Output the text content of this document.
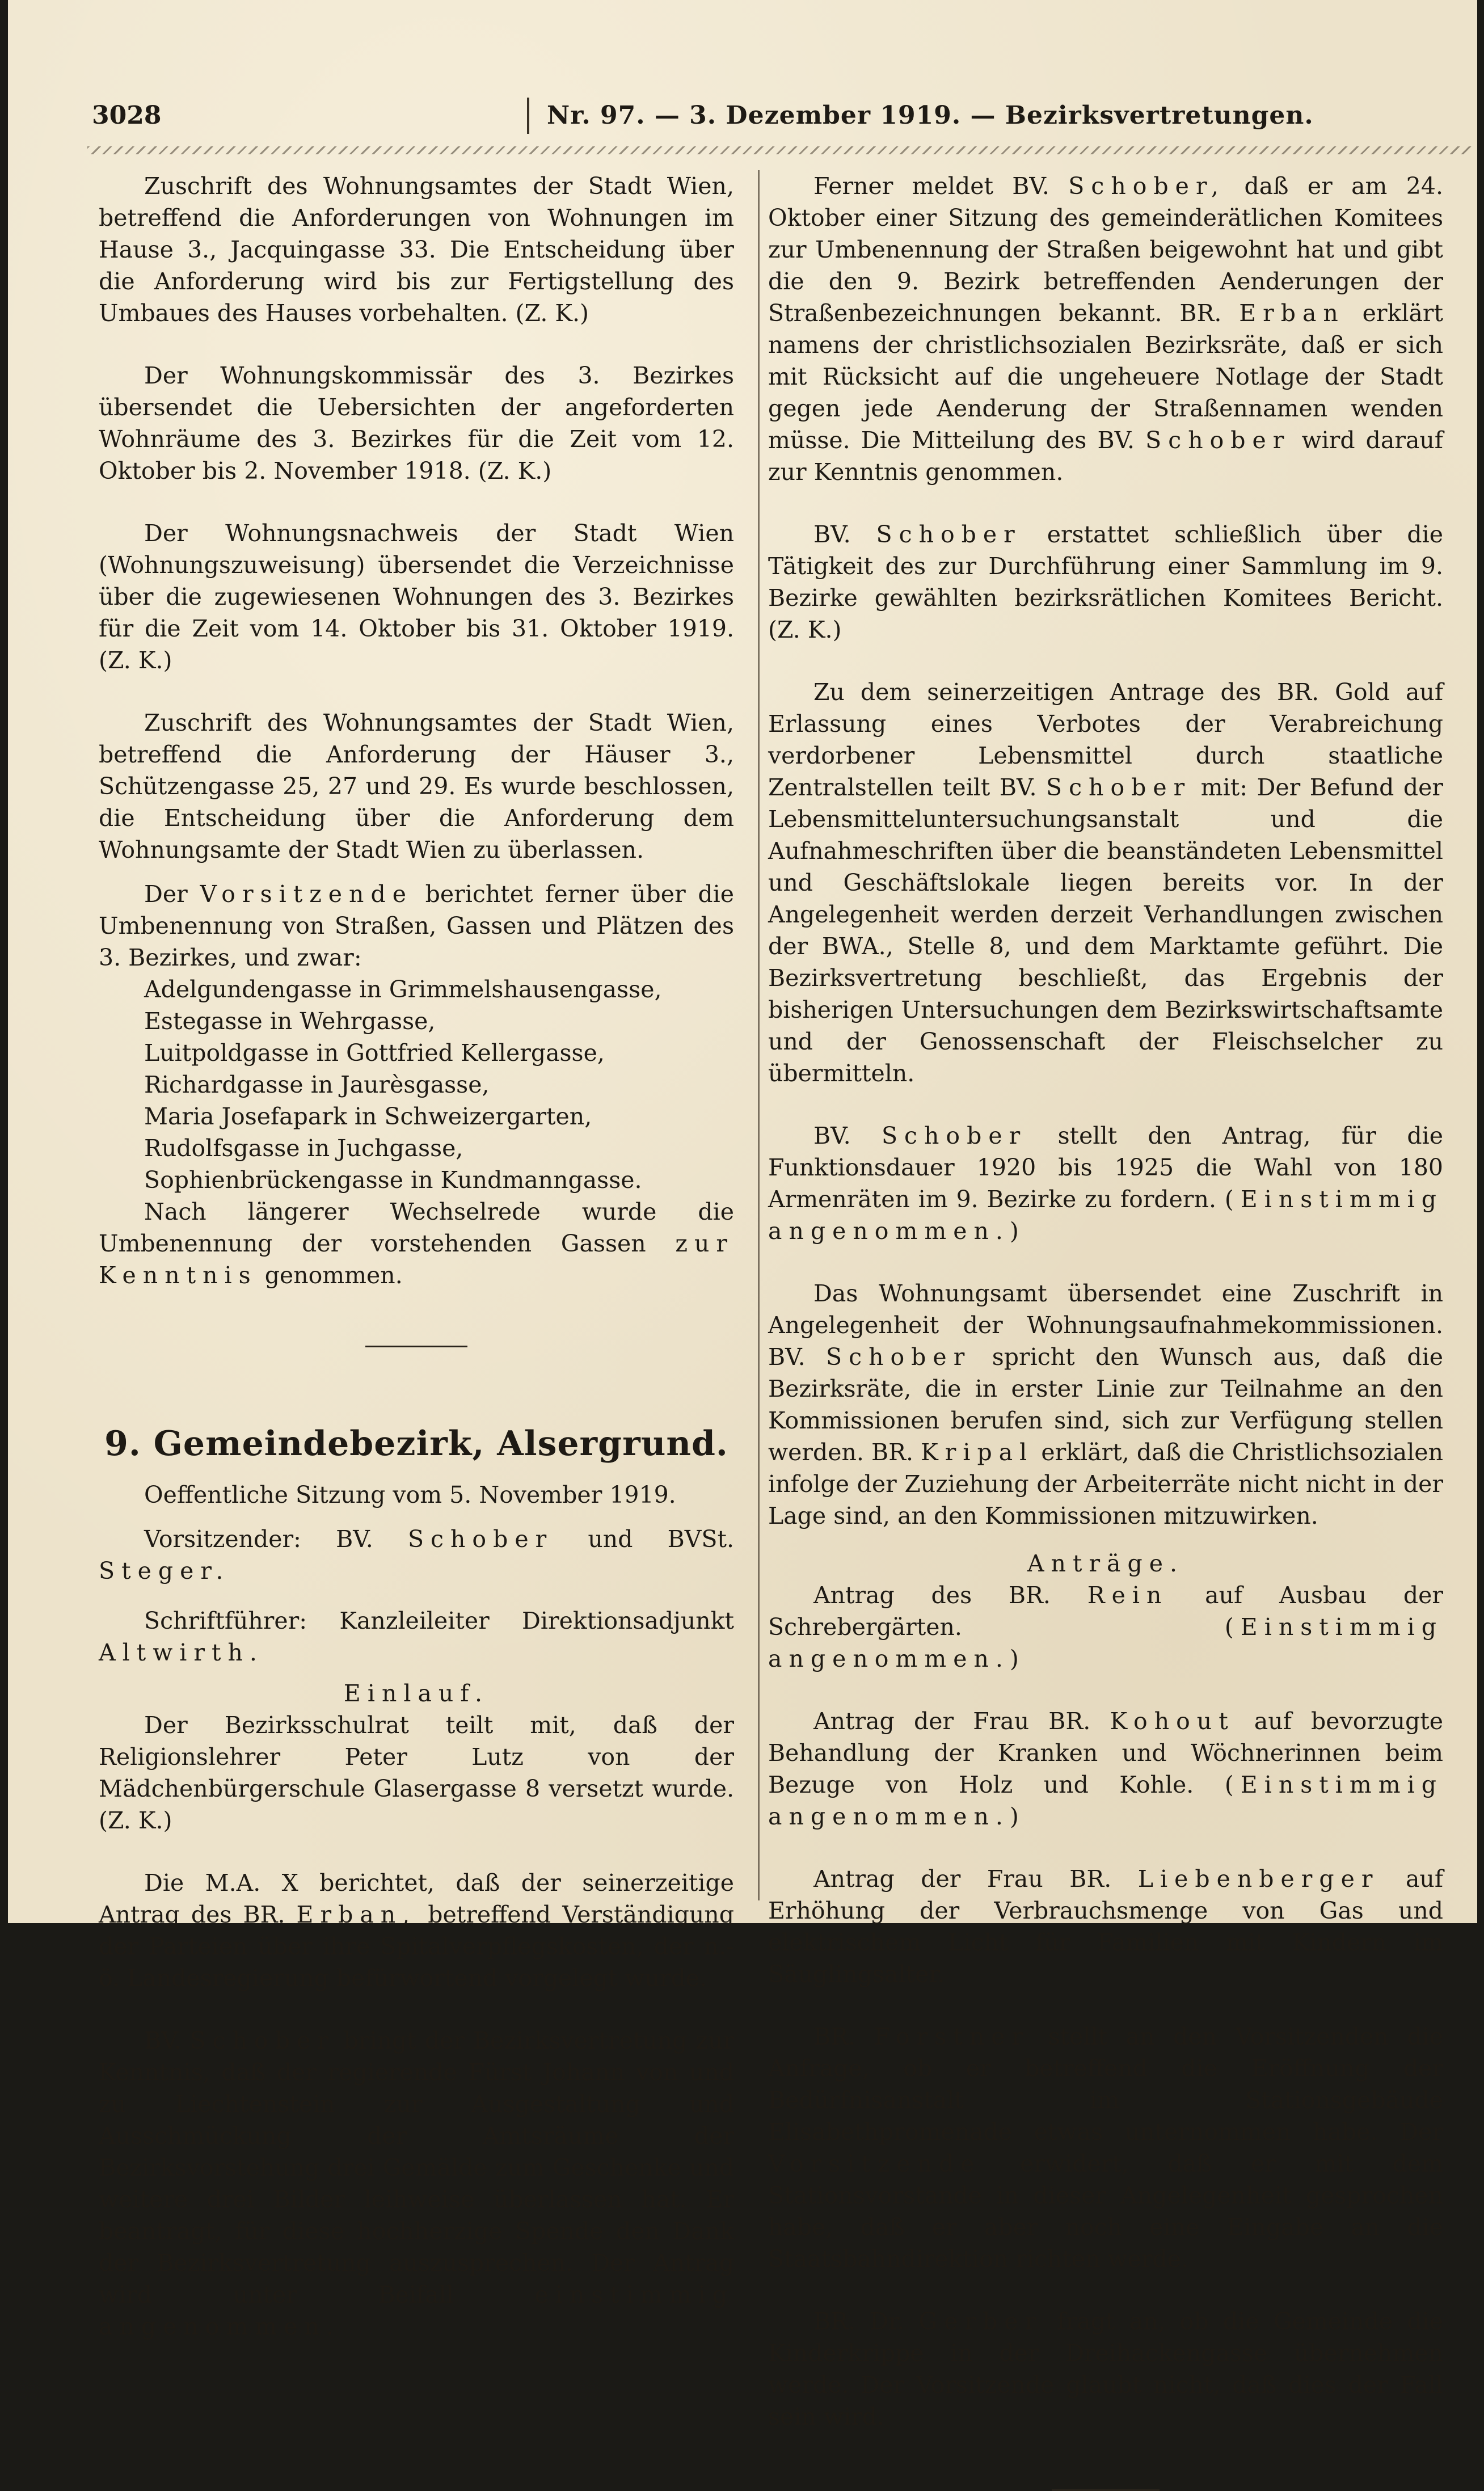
3028	Nr. 97. — 3. Dezember 1919. — Bezirksvertretungen.

Zuschrift des Wohnungsamtes der Stadt Wien, betreffend die Anforderungen von Wohnungen im Hause 3., Jacquingasse 33. Die Entscheidung über die Anforderung wird bis zur Fertigstellung des Umbaues des Hauses vorbehalten. (Z. K.)

Der Wohnungskommissär des 3. Bezirkes übersendet die Uebersichten der angeforderten Wohnräume des 3. Bezirkes für die Zeit vom 12. Oktober bis 2. November 1918. (Z. K.)

Der Wohnungsnachweis der Stadt Wien (Wohnungszuweisung) übersendet die Verzeichnisse über die zugewiesenen Wohnungen des 3. Bezirkes für die Zeit vom 14. Oktober bis 31. Oktober 1919. (Z. K.)

Zuschrift des Wohnungsamtes der Stadt Wien, betreffend die Anforderung der Häuser 3., Schützengasse 25, 27 und 29. Es wurde beschlossen, die Entscheidung über die Anforderung dem Wohnungsamte der Stadt Wien zu überlassen.

Der Vorsitzende berichtet ferner über die Umbenennung von Straßen, Gassen und Plätzen des 3. Bezirkes, und zwar:

Adelgundengasse in Grimmelshausengasse,

Estegasse in Wehrgasse,

Luitpoldgasse in Gottfried Kellergasse,

Richardgasse in Jaurèsgasse,

Maria Josefapark in Schweizergarten,

Rudolfsgasse in Juchgasse,

Sophienbrückengasse in Kundmanngasse.

Nach längerer Wechselrede wurde die Umbenennung der vorstehenden Gassen zur Kenntnis genommen.

9. Gemeindebezirk, Alsergrund.

Oeffentliche Sitzung vom 5. November 1919.

Vorsitzender: BV. Schober und BVSt. Steger.

Schriftführer: Kanzleileiter Direktionsadjunkt Altwirth.

Einlauf.

Der Bezirksschulrat teilt mit, daß der Religionslehrer Peter Lutz von der Mädchenbürgerschule Glasergasse 8 versetzt wurde. (Z. K.)

Die M.A. X berichtet, daß der seinerzeitige Antrag des BR. Erban, betreffend Verständigung der Parteien über ihre Spitalverpflegskosten, der n.-ö. Landesregierung befürwortend vorgelegt wurde.

BV. Schober bringt der Bezirksvertretung zur Kenntnis, daß der regierende Fürst Johann von und zu Liechtenstein zur Ausgestaltung und Ausschmückung der Amtsräume der Bezirksvorstehung drei Gemälde zum Geschenke und weitere drei Bilder leihweise überlassen hat. Er beantragt, für diese hochherzige Spende den Dank der Bezirksvertretung auszusprechen. Der Antrag wird unter Beifall	einstimmig angenommen.

Ferner meldet BV. Schober, daß er am 24. Oktober einer Sitzung des gemeinderätlichen Komitees zur Umbenennung der Straßen beigewohnt hat und gibt die den 9. Bezirk betreffenden Aenderungen der Straßenbezeichnungen bekannt. BR. Erban erklärt namens der christlichsozialen Bezirksräte, daß er sich mit Rücksicht auf die ungeheuere Notlage der Stadt gegen jede Aenderung der Straßennamen wenden müsse. Die Mitteilung des BV. Schober wird darauf zur Kenntnis genommen.

BV. Schober erstattet schließlich über die Tätigkeit des zur Durchführung einer Sammlung im 9. Bezirke gewählten bezirksrätlichen Komitees Bericht. (Z. K.)

Zu dem seinerzeitigen Antrage des BR. Gold auf Erlassung eines Verbotes der Verabreichung verdorbener Lebensmittel durch staatliche Zentralstellen teilt BV. Schober mit: Der Befund der Lebensmitteluntersuchungsanstalt und die Aufnahmeschriften über die beanständeten Lebensmittel und Geschäftslokale liegen bereits vor. In der Angelegenheit werden derzeit Verhandlungen zwischen der BWA., Stelle 8, und dem Marktamte geführt. Die Bezirksvertretung beschließt, das Ergebnis der bisherigen Untersuchungen dem Bezirkswirtschaftsamte und der Genossenschaft der Fleischselcher zu übermitteln.

BV. Schober stellt den Antrag, für die Funktionsdauer 1920 bis 1925 die Wahl von 180 Armenräten im 9. Bezirke zu fordern. (Einstimmig angenommen.)

Das Wohnungsamt übersendet eine Zuschrift in Angelegenheit der Wohnungsaufnahmekommissionen. BV. Schober spricht den Wunsch aus, daß die Bezirksräte, die in erster Linie zur Teilnahme an den Kommissionen berufen sind, sich zur Verfügung stellen werden. BR. Kripal erklärt, daß die Christlichsozialen infolge der Zuziehung der Arbeiterräte nicht nicht in der Lage sind, an den Kommissionen mitzuwirken.

Anträge.

Antrag des BR. Rein auf Ausbau der Schrebergärten.	(Einstimmig angenommen.)

Antrag der Frau BR. Kohout auf bevorzugte Behandlung der Kranken und Wöchnerinnen beim Bezuge von Holz und Kohle. (Einstimmig angenommen.)

Antrag der Frau BR. Liebenberger auf Erhöhung der Verbrauchsmenge von Gas und elektrischem Licht für Familien mit Kindern im Säuglingsalter.

BR. Forstner stellt an den Vorsitzenden die Anfrage, ob er betreffend die Eröffnung der Bedürfnisanstalt im Stationsgebäude Elisabethpromenade etwas unternommen habe. Der Vorsitzende erwidert, daß er mit dem Stationsvorstande in dieser Angelegenheit gesprochen habe, daß er aber noch eine Eingabe an die Staatsbahndirektion richten werde.

BR. Dr. Gerber fragt an, ob die Gemeinde die Kinderkrippe in der Dreihackengasse übernehmen werde. Der Vorsitzende glaubt nicht, daß dies der Fall sein wird.
